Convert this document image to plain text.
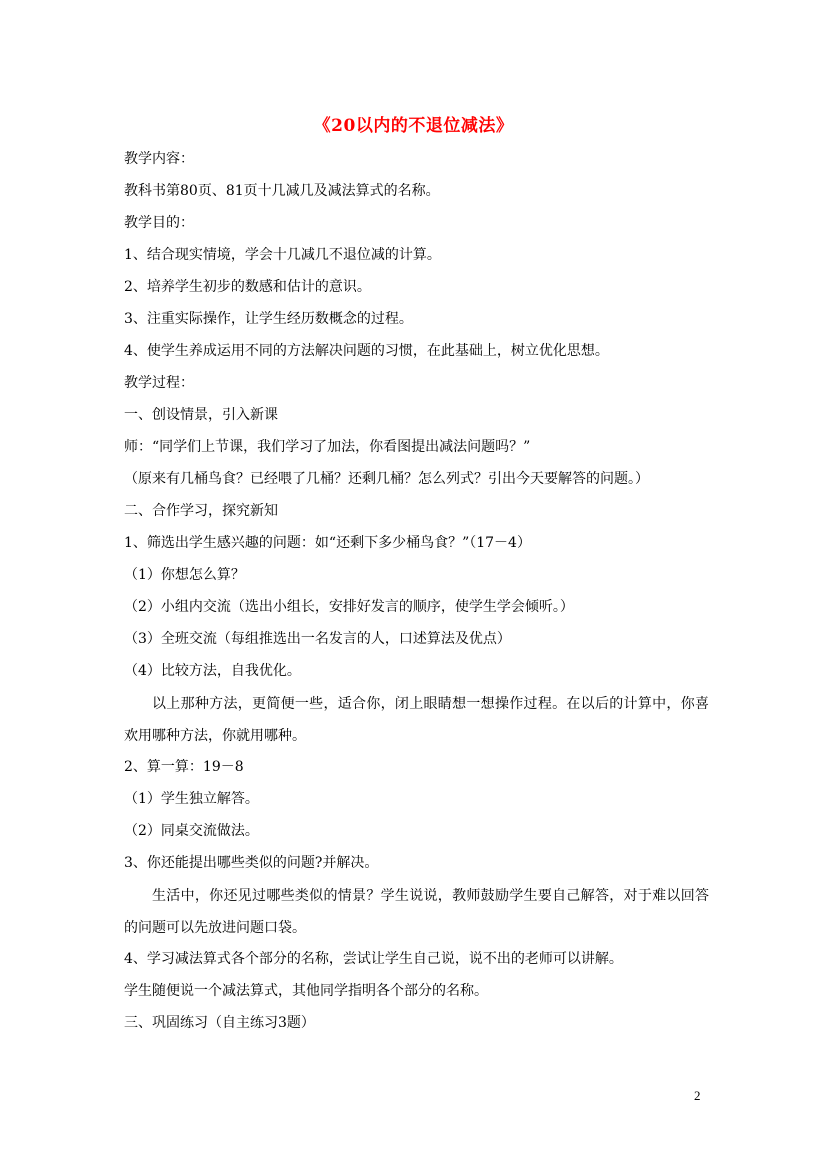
《20以内的不退位减法》
教学内容：
教科书第80页、81页十几减几及减法算式的名称。
教学目的：
1、结合现实情境，学会十几减几不退位减的计算。
2、培养学生初步的数感和估计的意识。
3、注重实际操作，让学生经历数概念的过程。
4、使学生养成运用不同的方法解决问题的习惯，在此基础上，树立优化思想。
教学过程：
一、创设情景，引入新课
师：“同学们上节课，我们学习了加法，你看图提出减法问题吗？”
（原来有几桶鸟食？已经喂了几桶？还剩几桶？怎么列式？引出今天要解答的问题。）
二、合作学习，探究新知
1、筛选出学生感兴趣的问题：如“还剩下多少桶鸟食？”（17－4）
（1）你想怎么算？
（2）小组内交流（选出小组长，安排好发言的顺序，使学生学会倾听。）
（3）全班交流（每组推选出一名发言的人，口述算法及优点）
（4）比较方法，自我优化。

以上那种方法，更简便一些，适合你，闭上眼睛想一想操作过程。在以后的计算中，你喜欢用哪种方法，你就用哪种。

2、算一算：19－8
（1）学生独立解答。
（2）同桌交流做法。
3、你还能提出哪些类似的问题?并解决。

生活中，你还见过哪些类似的情景？学生说说，教师鼓励学生要自己解答，对于难以回答的问题可以先放进问题口袋。

4、学习减法算式各个部分的名称，尝试让学生自己说，说不出的老师可以讲解。
学生随便说一个减法算式，其他同学指明各个部分的名称。
三、巩固练习（自主练习3题）
2
